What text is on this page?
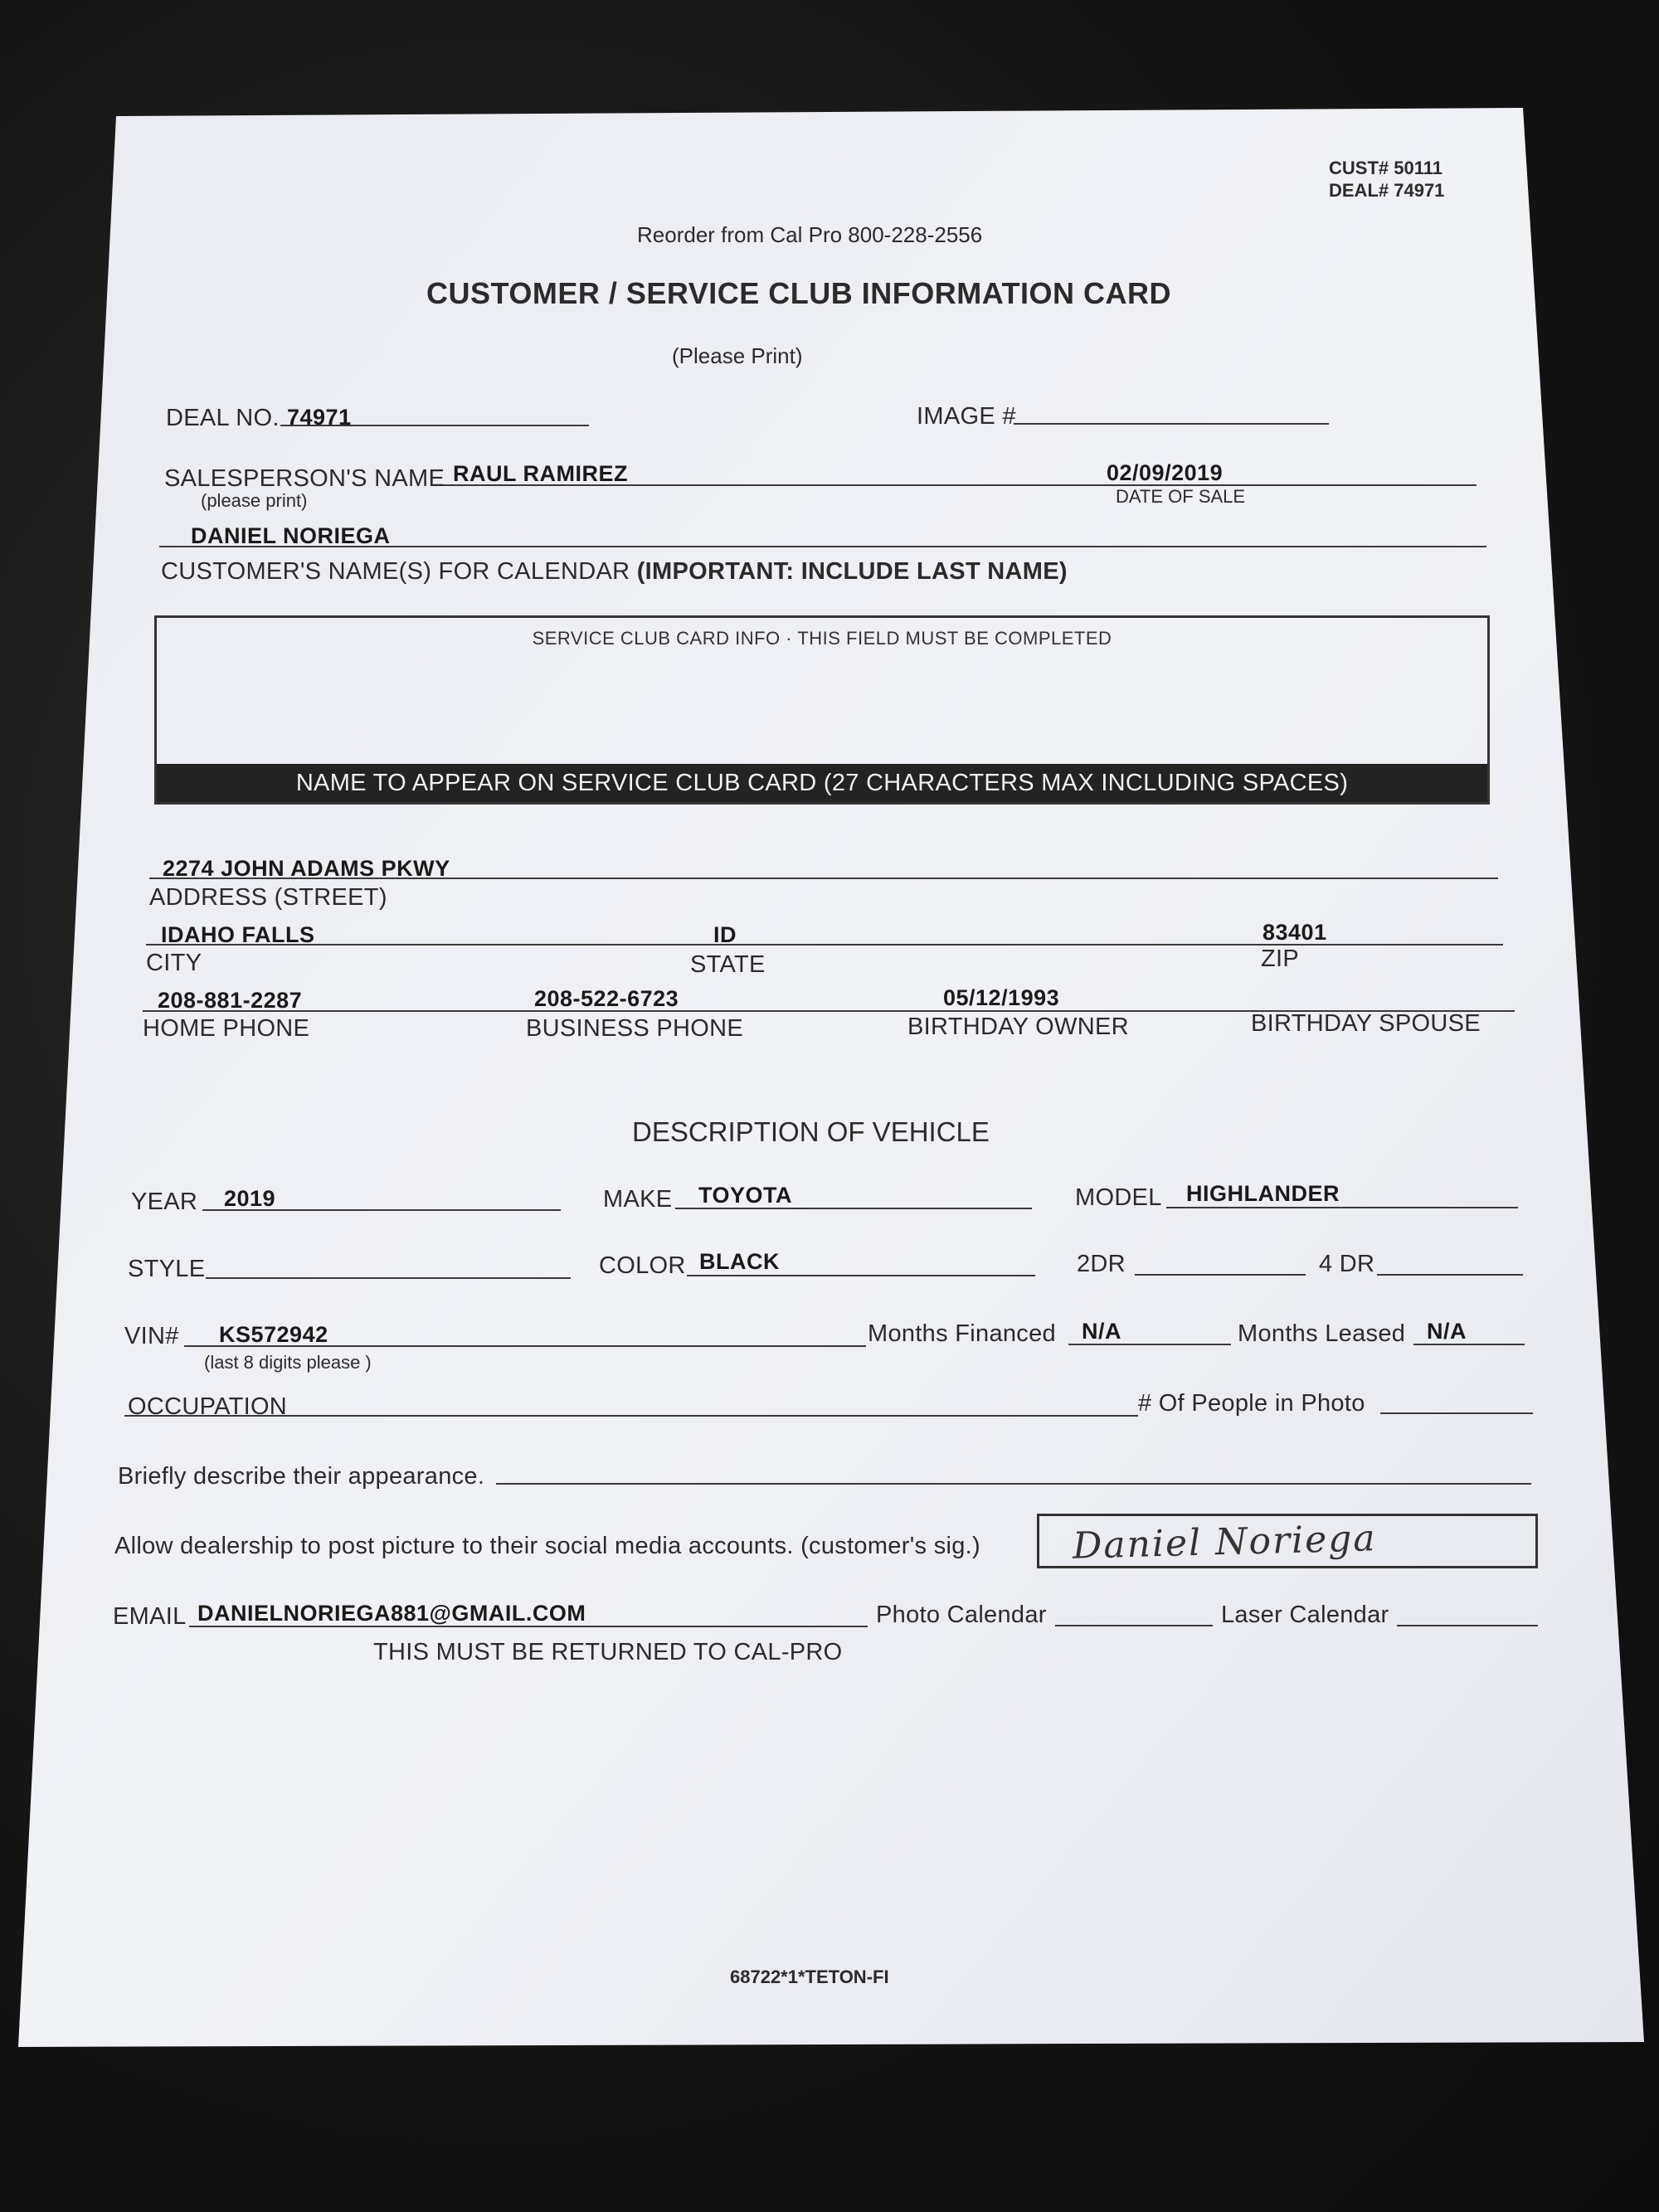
CUST# 50111
DEAL# 74971
Reorder from Cal Pro 800-228-2556
CUSTOMER / SERVICE CLUB INFORMATION CARD
(Please Print)
DEAL NO. 74971	IMAGE #
SALESPERSON'S NAME
(please print)
RAUL RAMIREZ	02/09/2019
DATE OF SALE
DANIEL NORIEGA
CUSTOMER'S NAME(S) FOR CALENDAR (IMPORTANT: INCLUDE LAST NAME)
SERVICE CLUB CARD INFO · THIS FIELD MUST BE COMPLETED
NAME TO APPEAR ON SERVICE CLUB CARD (27 CHARACTERS MAX INCLUDING SPACES)
2274 JOHN ADAMS PKWY
ADDRESS (STREET)
IDAHO FALLS	ID	83401
CITY	STATE	ZIP
208-881-2287	208-522-6723	05/12/1993
HOME PHONE	BUSINESS PHONE	BIRTHDAY OWNER	BIRTHDAY SPOUSE
DESCRIPTION OF VEHICLE
YEAR 2019	MAKE TOYOTA	MODEL HIGHLANDER
STYLE	COLOR BLACK	2DR	4 DR
VIN# KS572942
(last 8 digits please )
Months Financed N/A	Months Leased N/A
OCCUPATION	# Of People in Photo
Briefly describe their appearance.
Allow dealership to post picture to their social media accounts. (customer's sig.)	Daniel Noriega
EMAIL DANIELNORIEGA881@GMAIL.COM	Photo Calendar	Laser Calendar
THIS MUST BE RETURNED TO CAL-PRO
68722*1*TETON-FI
